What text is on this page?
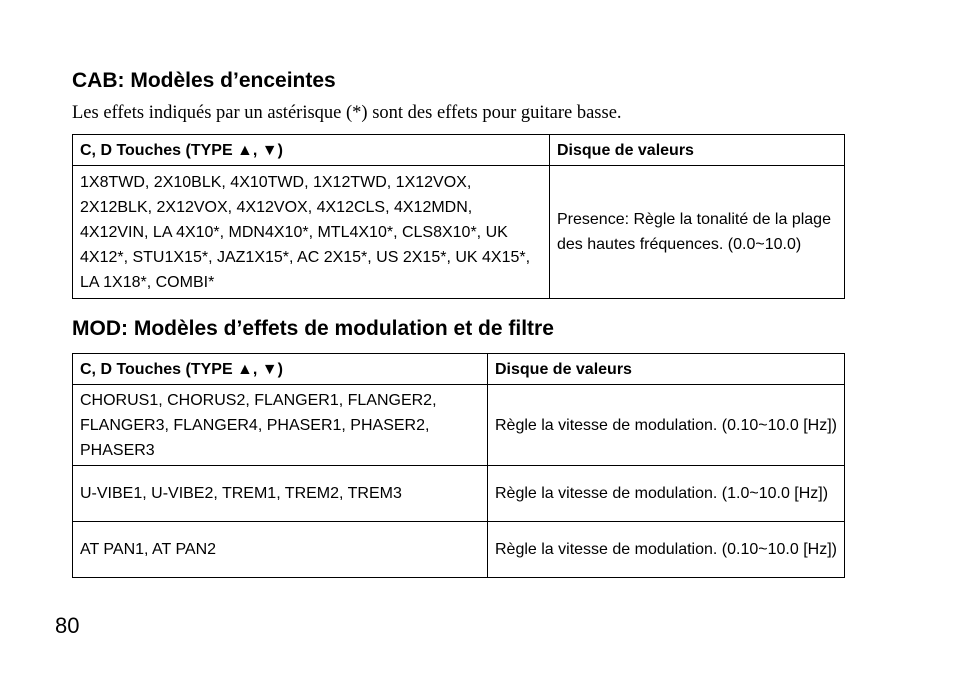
CAB: Modèles d’enceintes

Les effets indiqués par un astérisque (*) sont des effets pour guitare basse.

C, D Touches (TYPE ▲, ▼)	Disque de valeurs
1X8TWD, 2X10BLK, 4X10TWD, 1X12TWD, 1X12VOX, 2X12BLK, 2X12VOX, 4X12VOX, 4X12CLS, 4X12MDN, 4X12VIN, LA 4X10*, MDN4X10*, MTL4X10*, CLS8X10*, UK 4X12*, STU1X15*, JAZ1X15*, AC 2X15*, US 2X15*, UK 4X15*, LA 1X18*, COMBI*	Presence: Règle la tonalité de la plage des hautes fréquences. (0.0~10.0)
MOD: Modèles d’effets de modulation et de filtre
C, D Touches (TYPE ▲, ▼)	Disque de valeurs
CHORUS1, CHORUS2, FLANGER1, FLANGER2, FLANGER3, FLANGER4, PHASER1, PHASER2, PHASER3	Règle la vitesse de modulation. (0.10~10.0 [Hz])
U-VIBE1, U-VIBE2, TREM1, TREM2, TREM3	Règle la vitesse de modulation. (1.0~10.0 [Hz])
AT PAN1, AT PAN2	Règle la vitesse de modulation. (0.10~10.0 [Hz])
80
